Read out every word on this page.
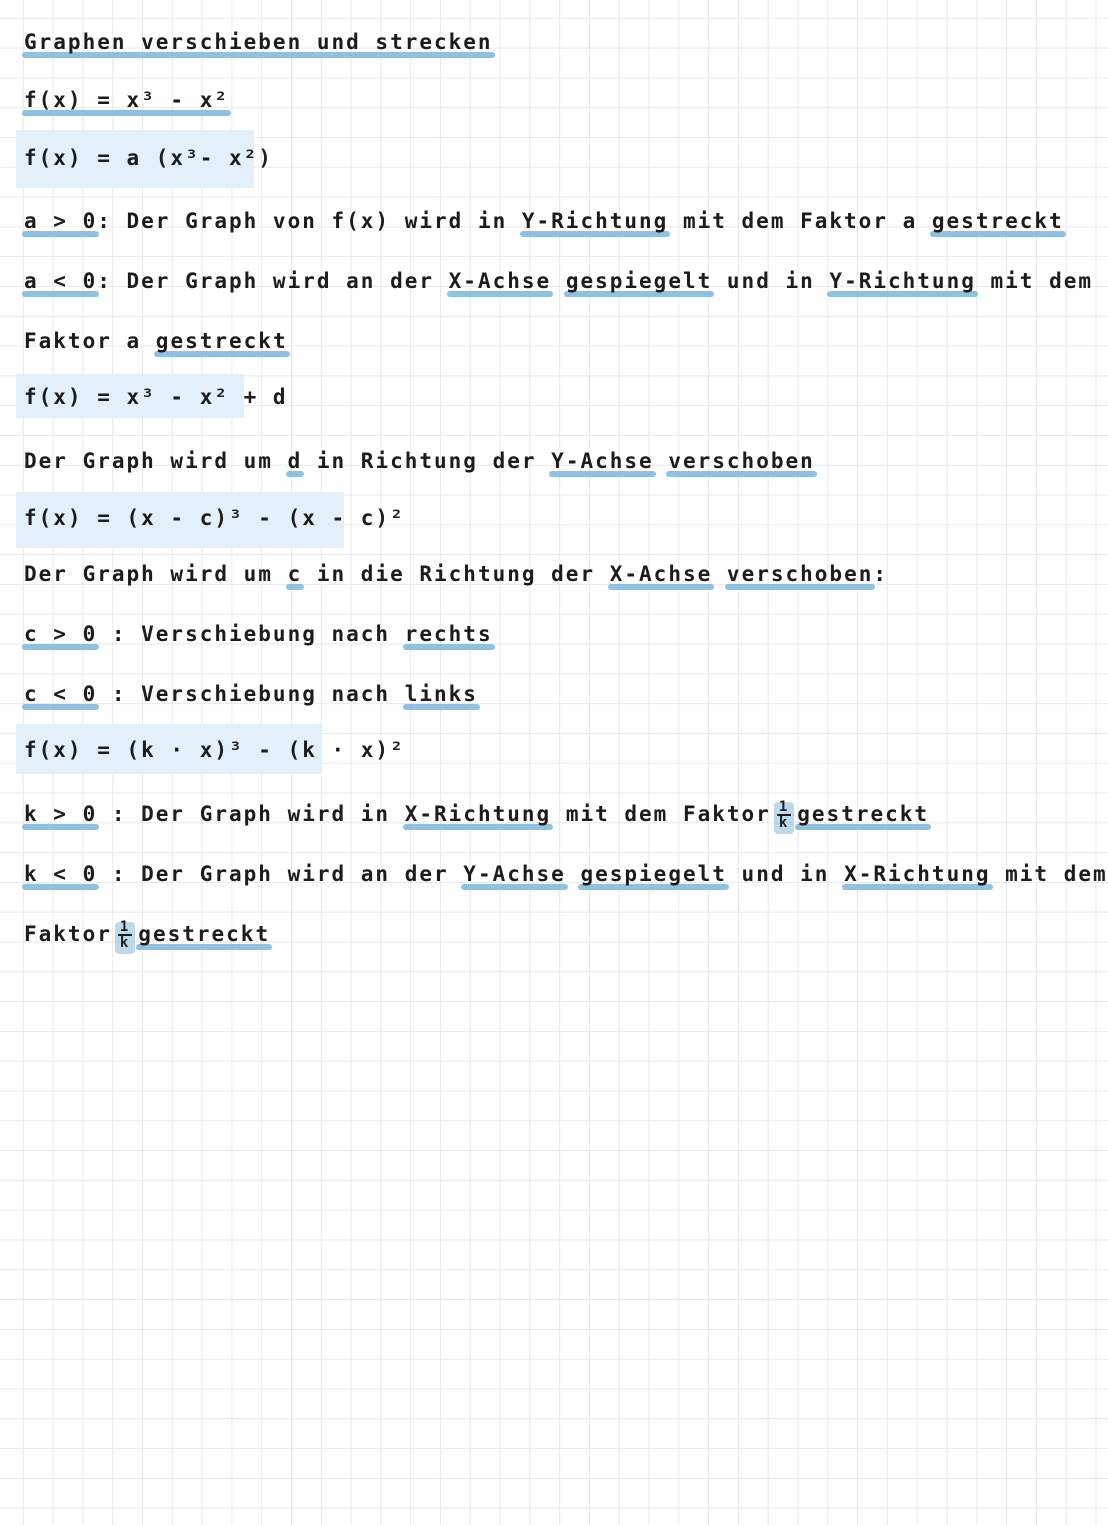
Graphen verschieben und strecken
f(x) = x³ - x²
f(x) = a (x³- x²)
a > 0: Der Graph von f(x) wird in Y-Richtung mit dem Faktor a gestreckt
a < 0: Der Graph wird an der X-Achse gespiegelt und in Y-Richtung mit dem
Faktor a gestreckt
f(x) = x³ - x² + d
Der Graph wird um d in Richtung der Y-Achse verschoben
f(x) = (x - c)³ - (x - c)²
Der Graph wird um c in die Richtung der X-Achse verschoben:
c > 0 : Verschiebung nach rechts
c < 0 : Verschiebung nach links
f(x) = (k · x)³ - (k · x)²
k > 0 : Der Graph wird in X-Richtung mit dem Faktor $\frac{1}{k}$ gestreckt
k < 0 : Der Graph wird an der Y-Achse gespiegelt und in X-Richtung mit dem
Faktor $\frac{1}{k}$ gestreckt
